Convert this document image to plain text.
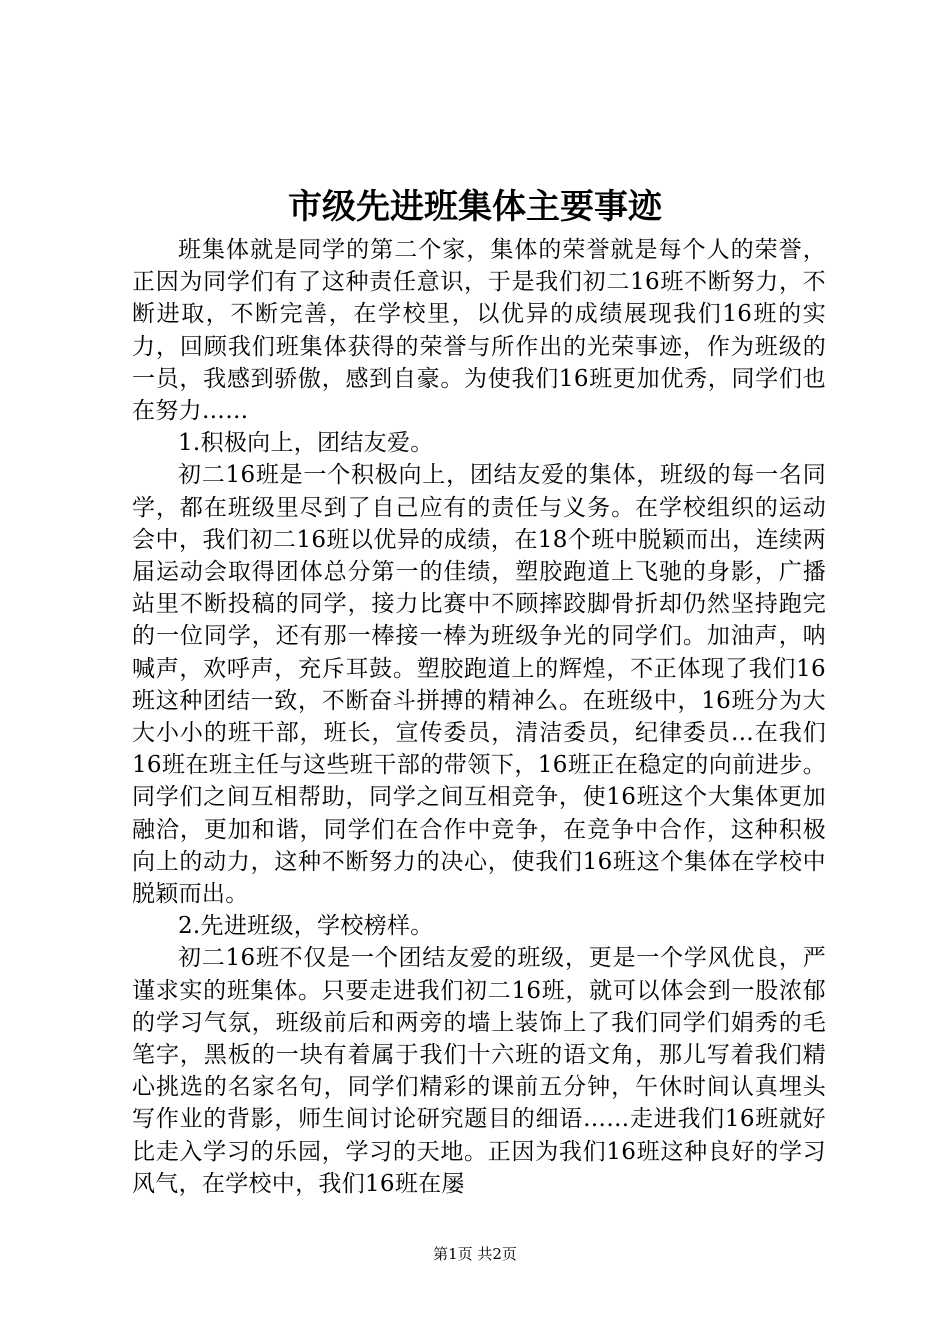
市级先进班集体主要事迹

班集体就是同学的第二个家，集体的荣誉就是每个人的荣誉，正因为同学们有了这种责任意识，于是我们初二16班不断努力，不断进取，不断完善，在学校里，以优异的成绩展现我们16班的实力，回顾我们班集体获得的荣誉与所作出的光荣事迹，作为班级的一员，我感到骄傲，感到自豪。为使我们16班更加优秀，同学们也在努力……

1.积极向上，团结友爱。

初二16班是一个积极向上，团结友爱的集体，班级的每一名同学，都在班级里尽到了自己应有的责任与义务。在学校组织的运动会中，我们初二16班以优异的成绩，在18个班中脱颖而出，连续两届运动会取得团体总分第一的佳绩，塑胶跑道上飞驰的身影，广播站里不断投稿的同学，接力比赛中不顾摔跤脚骨折却仍然坚持跑完的一位同学，还有那一棒接一棒为班级争光的同学们。加油声，呐喊声，欢呼声，充斥耳鼓。塑胶跑道上的辉煌，不正体现了我们16班这种团结一致，不断奋斗拼搏的精神么。在班级中，16班分为大大小小的班干部，班长，宣传委员，清洁委员，纪律委员…在我们16班在班主任与这些班干部的带领下，16班正在稳定的向前进步。同学们之间互相帮助，同学之间互相竞争，使16班这个大集体更加融洽，更加和谐，同学们在合作中竞争，在竞争中合作，这种积极向上的动力，这种不断努力的决心，使我们16班这个集体在学校中脱颖而出。

2.先进班级，学校榜样。

初二16班不仅是一个团结友爱的班级，更是一个学风优良，严谨求实的班集体。只要走进我们初二16班，就可以体会到一股浓郁的学习气氛，班级前后和两旁的墙上装饰上了我们同学们娟秀的毛笔字，黑板的一块有着属于我们十六班的语文角，那儿写着我们精心挑选的名家名句，同学们精彩的课前五分钟，午休时间认真埋头写作业的背影，师生间讨论研究题目的细语……走进我们16班就好比走入学习的乐园，学习的天地。正因为我们16班这种良好的学习风气，在学校中，我们16班在屡

第1页 共2页
